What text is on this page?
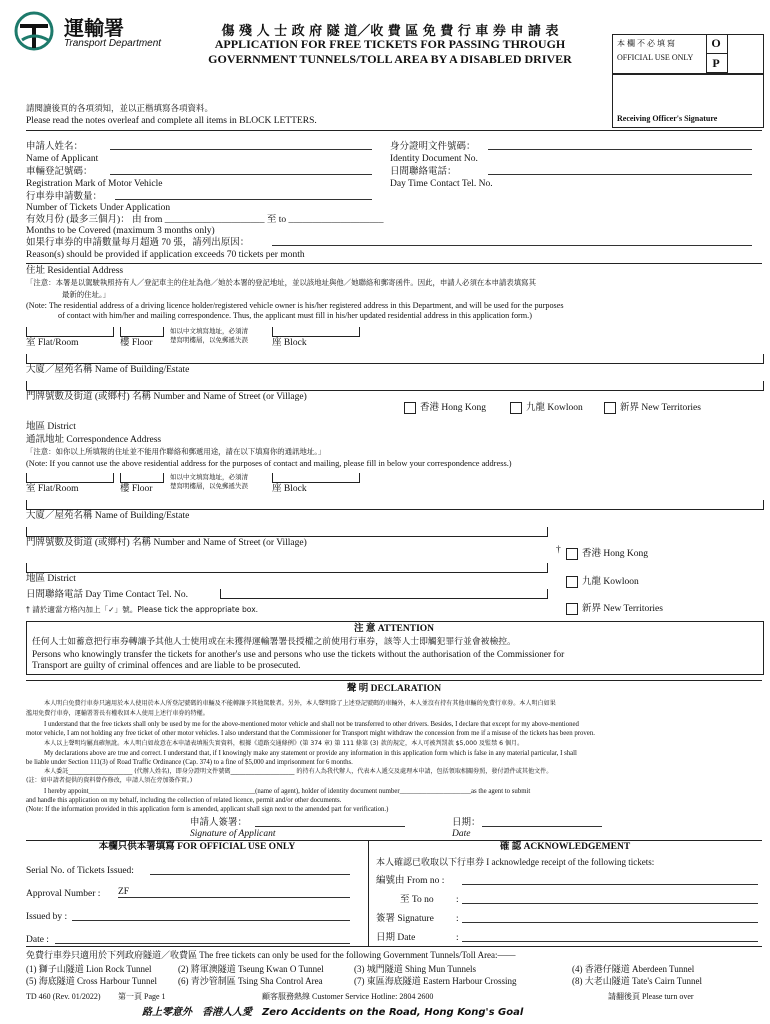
運輸署
Transport Department
傷 殘 人 士 政 府 隧 道／收 費 區 免 費 行 車 券 申 請 表
APPLICATION FOR FREE TICKETS FOR PASSING THROUGH
GOVERNMENT TUNNELS/TOLL AREA BY A DISABLED DRIVER
本 欄 不 必 填 寫
OFFICIAL USE ONLY
O
P
Receiving Officer's Signature
請閱讀後頁的各項須知，並以正楷填寫各項資料。
Please read the notes overleaf and complete all items in BLOCK LETTERS.
申請人姓名：
Name of Applicant
身分證明文件號碼：
Identity Document No.
車輛登記號碼：
Registration Mark of Motor Vehicle
日間聯絡電話：
Day Time Contact Tel. No.
行車券申請數量：
Number of Tickets Under Application
有效月份 (最多三個月)： 由 from _____________________ 至 to ____________________
Months to be Covered (maximum 3 months only)
如果行車券的申請數量每月超過 70 張，請列出原因：
Reason(s) should be provided if application exceeds 70 tickets per month
住址 Residential Address
「注意：本署是以駕駛執照持有人／登記車主的住址為他／她於本署的登記地址，並以該地址與他／她聯絡和郵寄函件。因此，申請人必須在本申請表填寫其
最新的住址。」
(Note: The residential address of a driving licence holder/registered vehicle owner is his/her registered address in this Department, and will be used for the purposes
of contact with him/her and mailing correspondence. Thus, the applicant must fill in his/her updated residential address in this application form.)
室 Flat/Room	樓 Floor
如以中文填寫地址，必須清
楚寫明樓層，以免郵遞失誤	座 Block
大廈／屋苑名稱 Name of Building/Estate
門牌號數及街道 (或鄉村) 名稱 Number and Name of Street (or Village)
香港 Hong Kong	九龍 Kowloon	新界 New Territories
地區 District
通訊地址 Correspondence Address
「注意：如你以上所填報的住址並不能用作聯絡和郵遞用途，請在以下填寫你的通訊地址。」
(Note: If you cannot use the above residential address for the purposes of contact and mailing, please fill in below your correspondence address.)
室 Flat/Room	樓 Floor
如以中文填寫地址，必須清
楚寫明樓層，以免郵遞失誤	座 Block
大廈／屋苑名稱 Name of Building/Estate
門牌號數及街道 (或鄉村) 名稱 Number and Name of Street (or Village)
†	香港 Hong Kong
地區 District	九龍 Kowloon
日間聯絡電話 Day Time Contact Tel. No.
† 請於適當方格內加上「✓」號。Please tick the appropriate box.	新界 New Territories
注 意 ATTENTION
任何人士如蓄意把行車券轉讓予其他人士使用或在未獲得運輸署署長授權之前使用行車券，該等人士即觸犯罪行並會被檢控。
Persons who knowingly transfer the tickets for another's use and persons who use the tickets without the authorisation of the Commissioner for
Transport are guilty of criminal offences and are liable to be prosecuted.
聲 明 DECLARATION
本人明白免費行車券只適用於本人使用於本人所登記號碼的車輛及不能轉讓予其他駕駛者。另外，本人聲明除了上述登記號碼的車輛外，本人並沒有持有其他車輛的免費行車券。本人明白如果
濫用免費行車券，運輸署署長有權收回本人使用上述行車券的特權。
I understand that the free tickets shall only be used by me for the above-mentioned motor vehicle and shall not be transferred to other drivers. Besides, I declare that except for my above-mentioned
motor vehicle, I am not holding any free ticket of other motor vehicles. I also understand that the Commissioner for Transport might withdraw the concession from me if a misuse of the tickets has been proven.
本人以上聲明均屬真確無訛。本人明白如故意在本申請表填報失實資料，根據《道路交通條例》(第 374 章) 第 111 條第 (3) 款的規定，本人可被判罰款 $5,000 及監禁 6 個月。
My declarations above are true and correct. I understand that, if I knowingly make any statement or provide any information in this application form which is false in any material particular, I shall
be liable under Section 111(3) of Road Traffic Ordinance (Cap. 374) to a fine of $5,000 and imprisonment for 6 months.
本人委託_____________________ (代辦人姓名)，即身分證明文件號碼_____________________ 的持有人為我代辦人，代表本人遞交及處理本申請，包括領取相關券照，發付證件或其他文件。
(註：如申請者提供的資料曾作修改，申請人須在旁加簽作實。)
I hereby appoint_________________________________________________(name of agent), holder of identity document number_____________________as the agent to submit
and handle this application on my behalf, including the collection of related licence, permit and/or other documents.
(Note: If the information provided in this application form is amended, applicant shall sign next to the amended part for verification.)
申請人簽署：
Signature of Applicant
日期：
Date
本欄只供本署填寫 FOR OFFICIAL USE ONLY
Serial No. of Tickets Issued:
Approval Number : ZF
Issued by :
Date :
確 認 ACKNOWLEDGEMENT
本人確認已收取以下行車券 I acknowledge receipt of the following tickets:
編號由 From no :
至 To no :
簽署 Signature :
日期 Date	:
免費行車券只適用於下列政府隧道／收費區 The free tickets can only be used for the following Government Tunnels/Toll Area:——
(1) 獅子山隧道 Lion Rock Tunnel	(2) 將軍澳隧道 Tseung Kwan O Tunnel	(3) 城門隧道 Shing Mun Tunnels	(4) 香港仔隧道 Aberdeen Tunnel
(5) 海底隧道 Cross Harbour Tunnel (6) 青沙管制區 Tsing Sha Control Area	(7) 東區海底隧道 Eastern Harbour Crossing	(8) 大老山隧道 Tate's Cairn Tunnel
TD 460 (Rev. 01/2022) 第一頁 Page 1	顧客服務熱線 Customer Service Hotline: 2804 2600	請翻後頁 Please turn over
路上零意外　香港人人愛　Zero Accidents on the Road, Hong Kong's Goal
